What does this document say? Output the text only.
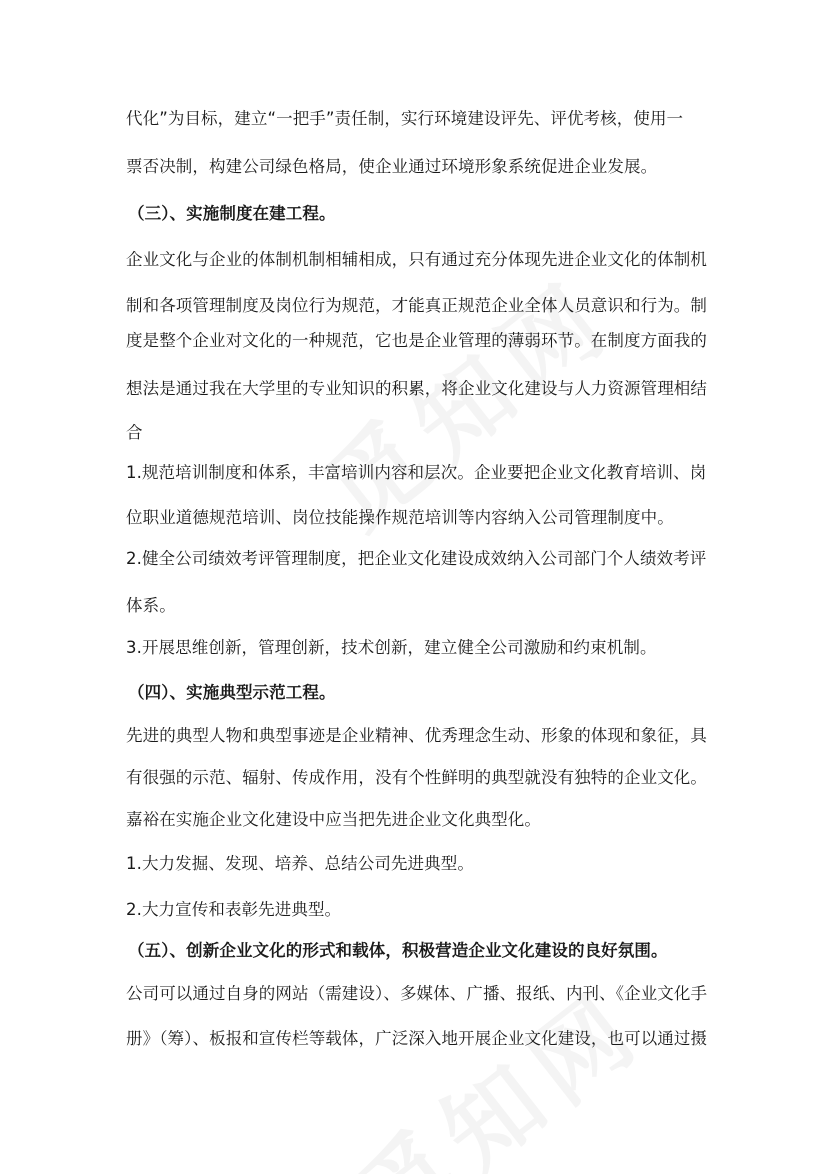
代化”为目标，建立“一把手”责任制，实行环境建设评先、评优考核，使用一
票否决制，构建公司绿色格局，使企业通过环境形象系统促进企业发展。
（三）、实施制度在建工程。
企业文化与企业的体制机制相辅相成，只有通过充分体现先进企业文化的体制机
制和各项管理制度及岗位行为规范，才能真正规范企业全体人员意识和行为。制
度是整个企业对文化的一种规范，它也是企业管理的薄弱环节。在制度方面我的
想法是通过我在大学里的专业知识的积累，将企业文化建设与人力资源管理相结
合
1.规范培训制度和体系，丰富培训内容和层次。企业要把企业文化教育培训、岗
位职业道德规范培训、岗位技能操作规范培训等内容纳入公司管理制度中。
2.健全公司绩效考评管理制度，把企业文化建设成效纳入公司部门个人绩效考评
体系。
3.开展思维创新，管理创新，技术创新，建立健全公司激励和约束机制。
（四）、实施典型示范工程。
先进的典型人物和典型事迹是企业精神、优秀理念生动、形象的体现和象征，具
有很强的示范、辐射、传成作用，没有个性鲜明的典型就没有独特的企业文化。
嘉裕在实施企业文化建设中应当把先进企业文化典型化。
1.大力发掘、发现、培养、总结公司先进典型。
2.大力宣传和表彰先进典型。
（五）、创新企业文化的形式和载体，积极营造企业文化建设的良好氛围。
公司可以通过自身的网站（需建设）、多媒体、广播、报纸、内刊、《企业文化手
册》（筹）、板报和宣传栏等载体，广泛深入地开展企业文化建设，也可以通过摄
